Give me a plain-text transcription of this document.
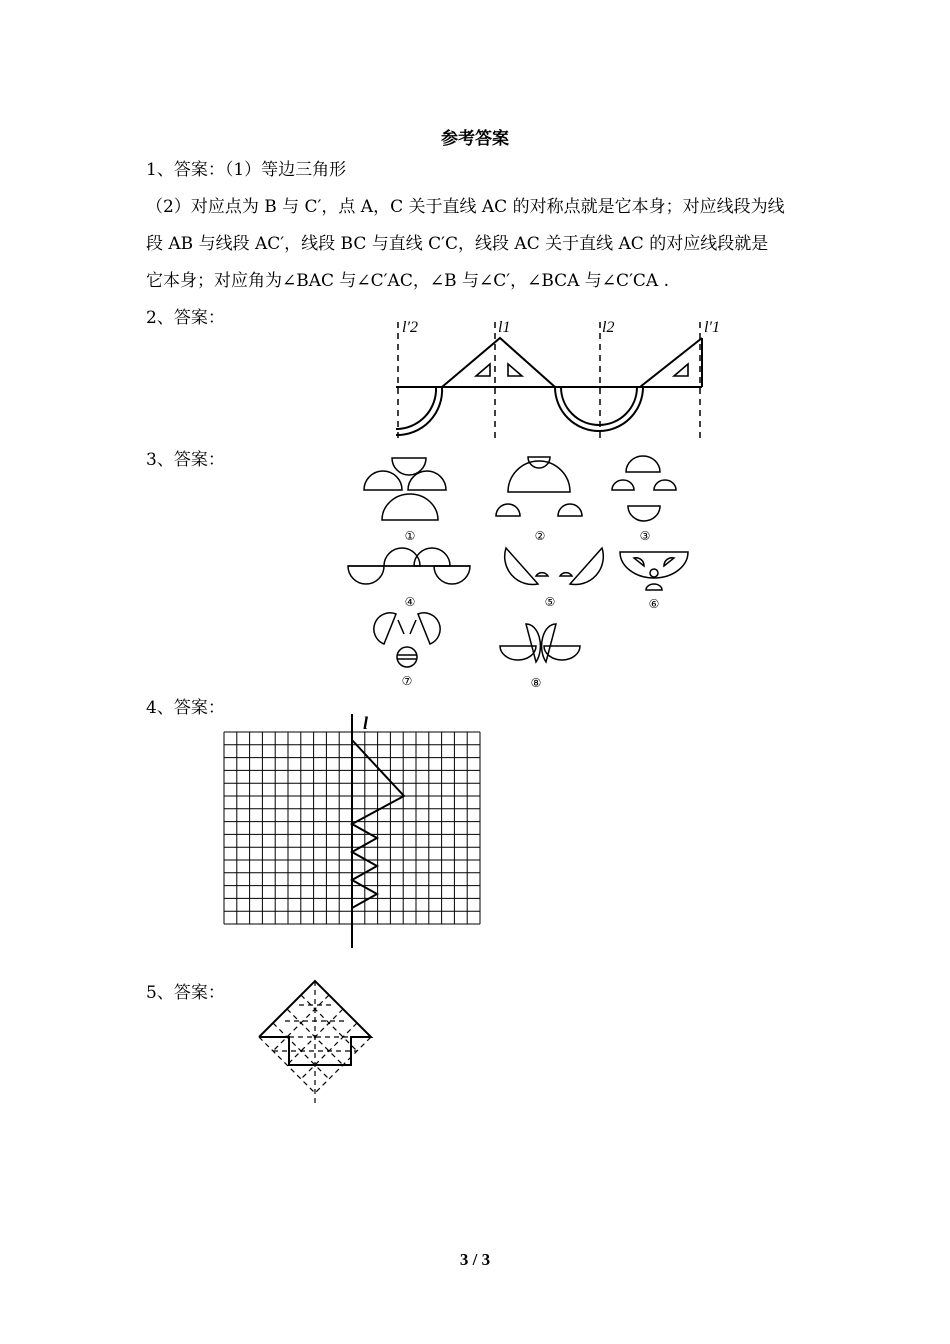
参考答案
1、答案：（1）等边三角形
（2）对应点为 B 与 C′，点 A，C 关于直线 AC 的对称点就是它本身；对应线段为线
段 AB 与线段 AC′，线段 BC 与直线 C′C，线段 AC 关于直线 AC 的对应线段就是
它本身；对应角为∠BAC 与∠C′AC，∠B 与∠C′，∠BCA 与∠C′CA .
2、答案：	l′2	l1	l2	l′1
3、答案：
①	②	③
④	⑤	⑥
⑦	⑧
4、答案：
l
5、答案：
3 / 3
